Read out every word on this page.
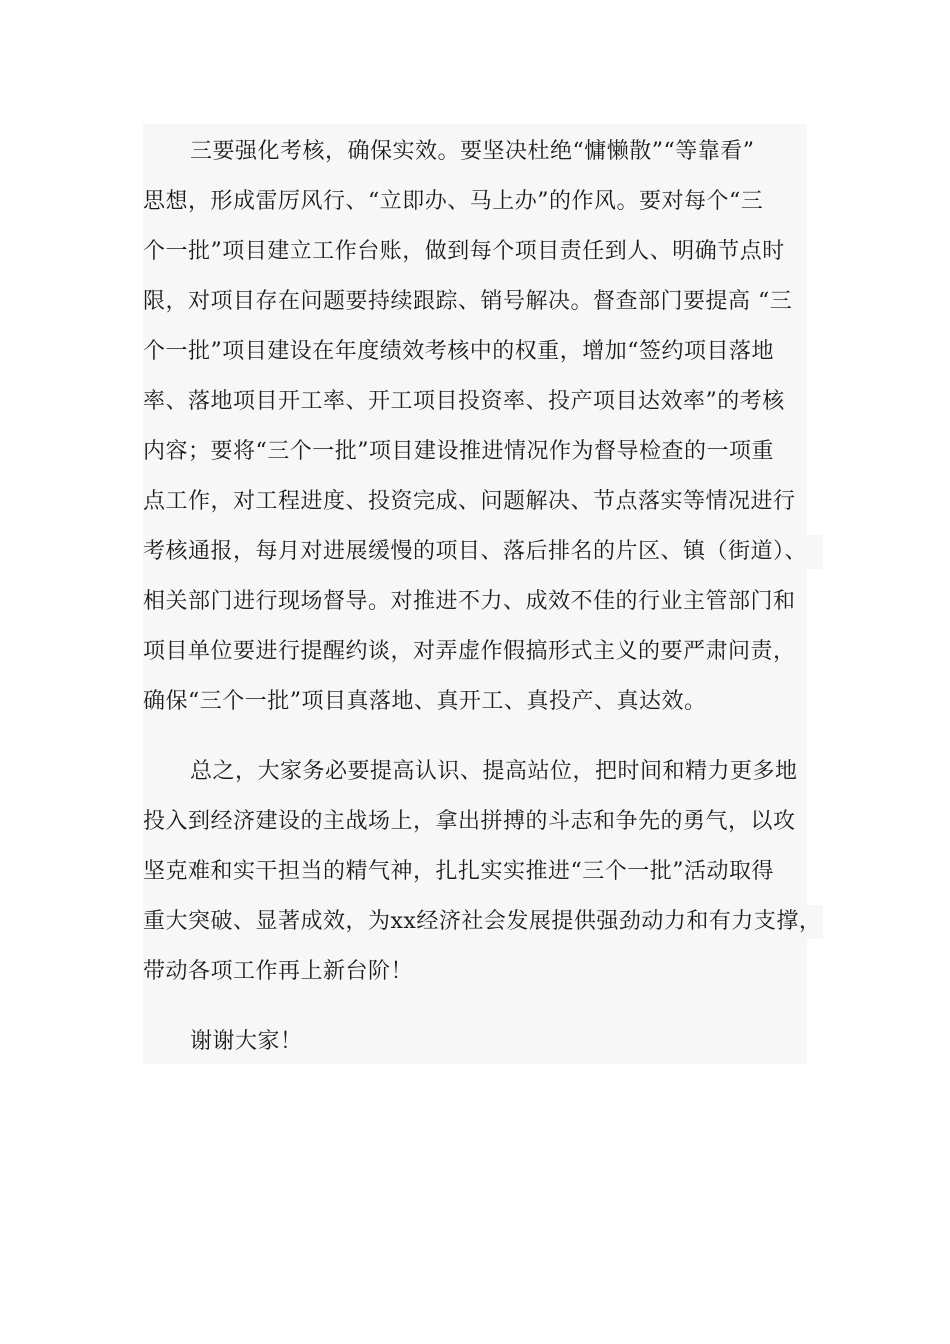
三要强化考核，确保实效。要坚决杜绝“慵懒散”“等靠看”
思想，形成雷厉风行、“立即办、马上办”的作风。要对每个“三
个一批”项目建立工作台账，做到每个项目责任到人、明确节点时
限，对项目存在问题要持续跟踪、销号解决。督查部门要提高 “三
个一批”项目建设在年度绩效考核中的权重，增加“签约项目落地
率、落地项目开工率、开工项目投资率、投产项目达效率”的考核
内容；要将“三个一批”项目建设推进情况作为督导检查的一项重
点工作，对工程进度、投资完成、问题解决、节点落实等情况进行
考核通报，每月对进展缓慢的项目、落后排名的片区、镇（街道）、
相关部门进行现场督导。对推进不力、成效不佳的行业主管部门和
项目单位要进行提醒约谈，对弄虚作假搞形式主义的要严肃问责，
确保“三个一批”项目真落地、真开工、真投产、真达效。
总之，大家务必要提高认识、提高站位，把时间和精力更多地
投入到经济建设的主战场上，拿出拼搏的斗志和争先的勇气，以攻
坚克难和实干担当的精气神，扎扎实实推进“三个一批”活动取得
重大突破、显著成效，为xx经济社会发展提供强劲动力和有力支撑，
带动各项工作再上新台阶！
谢谢大家！
